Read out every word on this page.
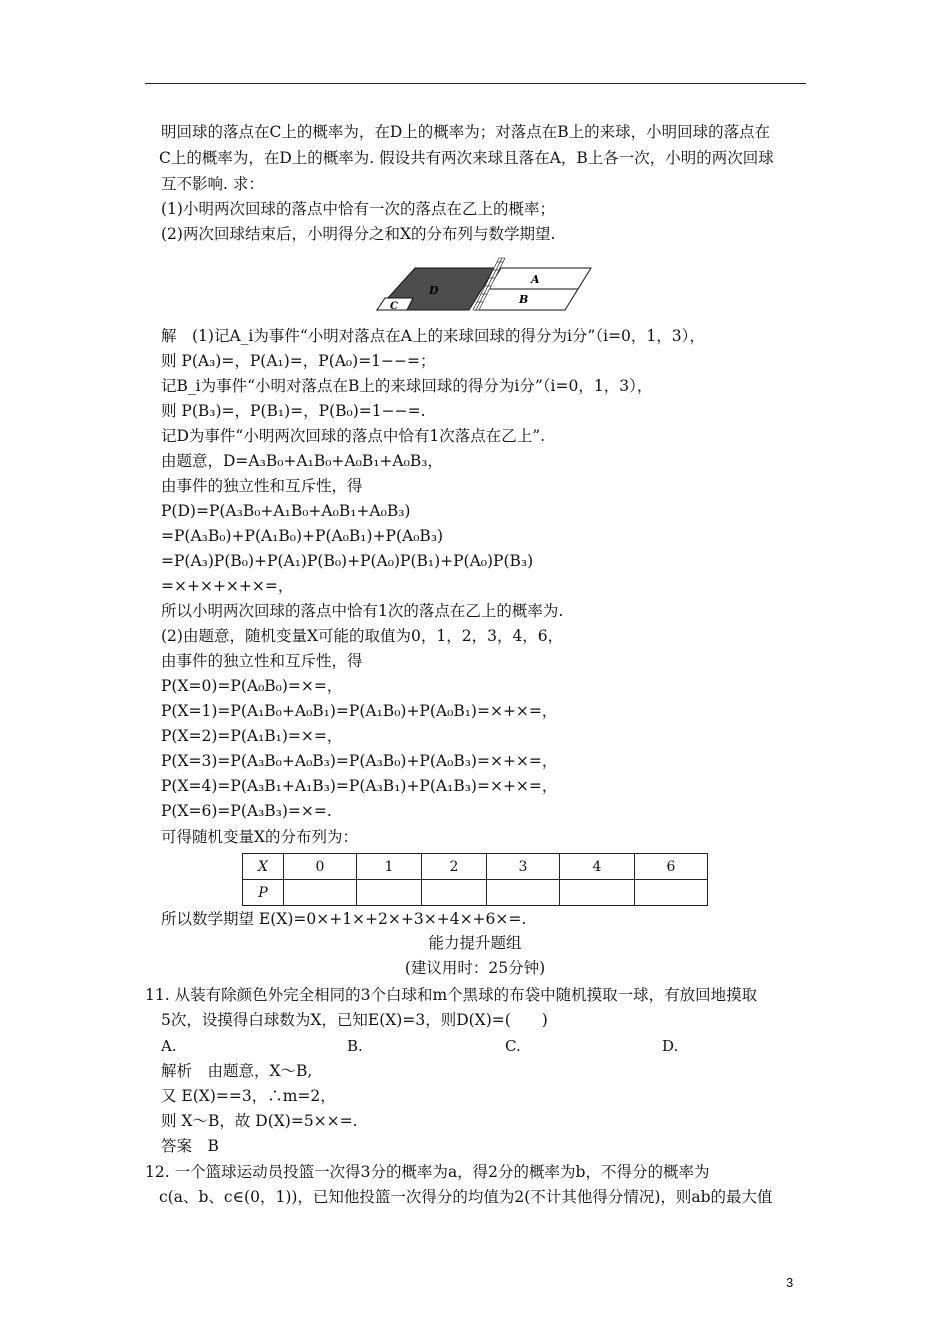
明回球的落点在C上的概率为，在D上的概率为；对落点在B上的来球，小明回球的落点在
C上的概率为，在D上的概率为. 假设共有两次来球且落在A，B上各一次，小明的两次回球
互不影响. 求：
(1)小明两次回球的落点中恰有一次的落点在乙上的概率；
(2)两次回球结束后，小明得分之和X的分布列与数学期望.
A
B
D
C
解　(1)记A_i为事件“小明对落点在A上的来球回球的得分为i分”（i=0，1，3），
则 P(A₃)=，P(A₁)=，P(A₀)=1−−=；
记B_i为事件“小明对落点在B上的来球回球的得分为i分”（i=0，1，3），
则 P(B₃)=，P(B₁)=，P(B₀)=1−−=.
记D为事件“小明两次回球的落点中恰有1次落点在乙上”.
由题意，D=A₃B₀+A₁B₀+A₀B₁+A₀B₃，
由事件的独立性和互斥性，得
P(D)=P(A₃B₀+A₁B₀+A₀B₁+A₀B₃)
=P(A₃B₀)+P(A₁B₀)+P(A₀B₁)+P(A₀B₃)
=P(A₃)P(B₀)+P(A₁)P(B₀)+P(A₀)P(B₁)+P(A₀)P(B₃)
=×+×+×+×=，
所以小明两次回球的落点中恰有1次的落点在乙上的概率为.
(2)由题意，随机变量X可能的取值为0，1，2，3，4，6，
由事件的独立性和互斥性，得
P(X=0)=P(A₀B₀)=×=，
P(X=1)=P(A₁B₀+A₀B₁)=P(A₁B₀)+P(A₀B₁)=×+×=，
P(X=2)=P(A₁B₁)=×=，
P(X=3)=P(A₃B₀+A₀B₃)=P(A₃B₀)+P(A₀B₃)=×+×=，
P(X=4)=P(A₃B₁+A₁B₃)=P(A₃B₁)+P(A₁B₃)=×+×=，
P(X=6)=P(A₃B₃)=×=.
可得随机变量X的分布列为：
X	0	1	2	3	4	6
P						
所以数学期望 E(X)=0×+1×+2×+3×+4×+6×=.
能力提升题组
(建议用时：25分钟)
11. 从装有除颜色外完全相同的3个白球和m个黑球的布袋中随机摸取一球，有放回地摸取
5次，设摸得白球数为X，已知E(X)=3，则D(X)=(　　)
A.	B.	C.	D.
解析　由题意，X～B,
又 E(X)==3，∴m=2，
则 X～B，故 D(X)=5××=.
答案　B
12. 一个篮球运动员投篮一次得3分的概率为a，得2分的概率为b，不得分的概率为
c(a、b、c∈(0，1))，已知他投篮一次得分的均值为2(不计其他得分情况)，则ab的最大值
3
